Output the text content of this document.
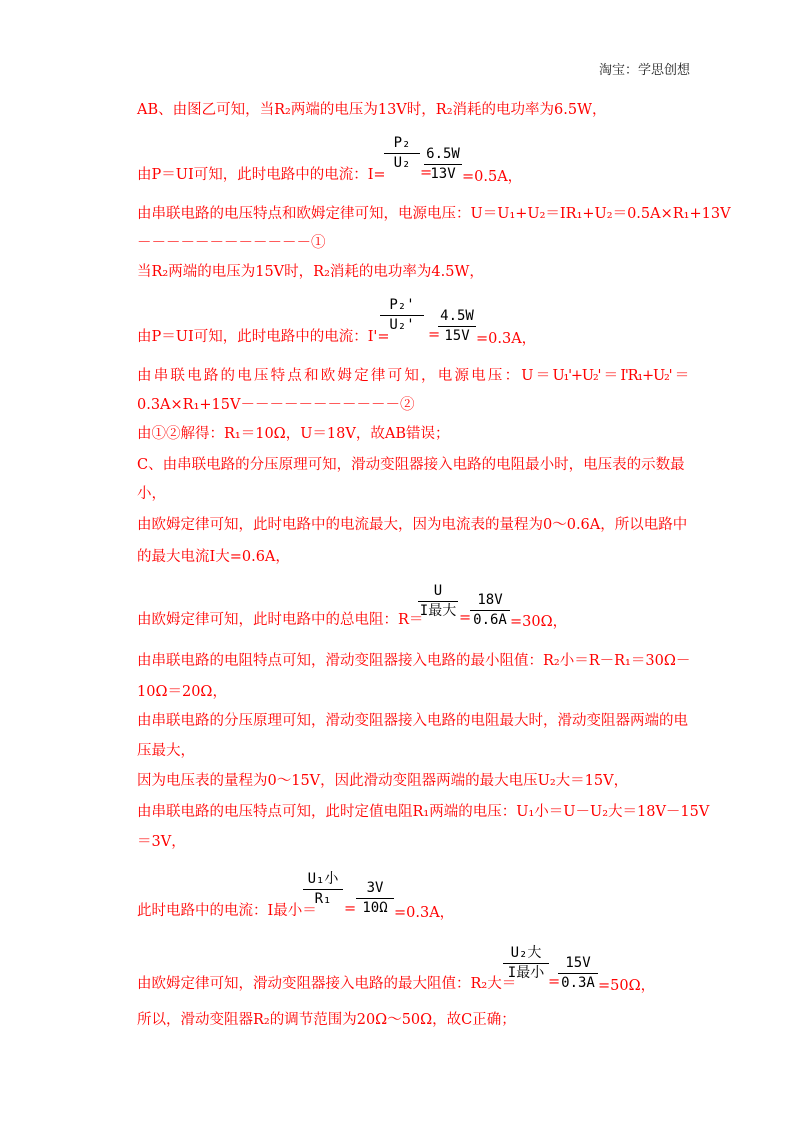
淘宝：学思创想
AB、由图乙可知，当R₂两端的电压为13V时，R₂消耗的电功率为6.5W，
由P＝UI可知，此时电路中的电流：I=
P₂
U₂
=
6.5W
13V =0.5A，
由串联电路的电压特点和欧姆定律可知，电源电压：U＝U₁+U₂＝IR₁+U₂＝0.5A×R₁+13V
－－－－－－－－－－－－①
当R₂两端的电压为15V时，R₂消耗的电功率为4.5W，
由P＝UI可知，此时电路中的电流：I'=
P₂'
U₂'
=
4.5W
15V =0.3A，
由 串 联 电 路 的 电 压 特 点 和 欧 姆 定 律 可 知 ， 电 源 电 压 ： U ＝ U₁'+U₂' ＝ I'R₁+U₂' ＝
0.3A×R₁+15V－－－－－－－－－－－②
由①②解得：R₁＝10Ω，U＝18V，故AB错误；
C、由串联电路的分压原理可知，滑动变阻器接入电路的电阻最小时，电压表的示数最
小，
由欧姆定律可知，此时电路中的电流最大，因为电流表的量程为0～0.6A，所以电路中
的最大电流I大=0.6A，
由欧姆定律可知，此时电路中的总电阻：R＝
U
I最大 =
18V
0.6A =30Ω，
由串联电路的电阻特点可知，滑动变阻器接入电路的最小阻值：R₂小＝R－R₁＝30Ω－
10Ω＝20Ω，
由串联电路的分压原理可知，滑动变阻器接入电路的电阻最大时，滑动变阻器两端的电
压最大，
因为电压表的量程为0～15V，因此滑动变阻器两端的最大电压U₂大＝15V，
由串联电路的电压特点可知，此时定值电阻R₁两端的电压：U₁小＝U－U₂大＝18V－15V
＝3V，
此时电路中的电流：I最小＝
U₁小
R₁
=
3V
10Ω =0.3A，
由欧姆定律可知，滑动变阻器接入电路的最大阻值：R₂大＝
U₂大
I最小
=
15V
0.3A =50Ω，
所以，滑动变阻器R₂的调节范围为20Ω～50Ω，故C正确；
